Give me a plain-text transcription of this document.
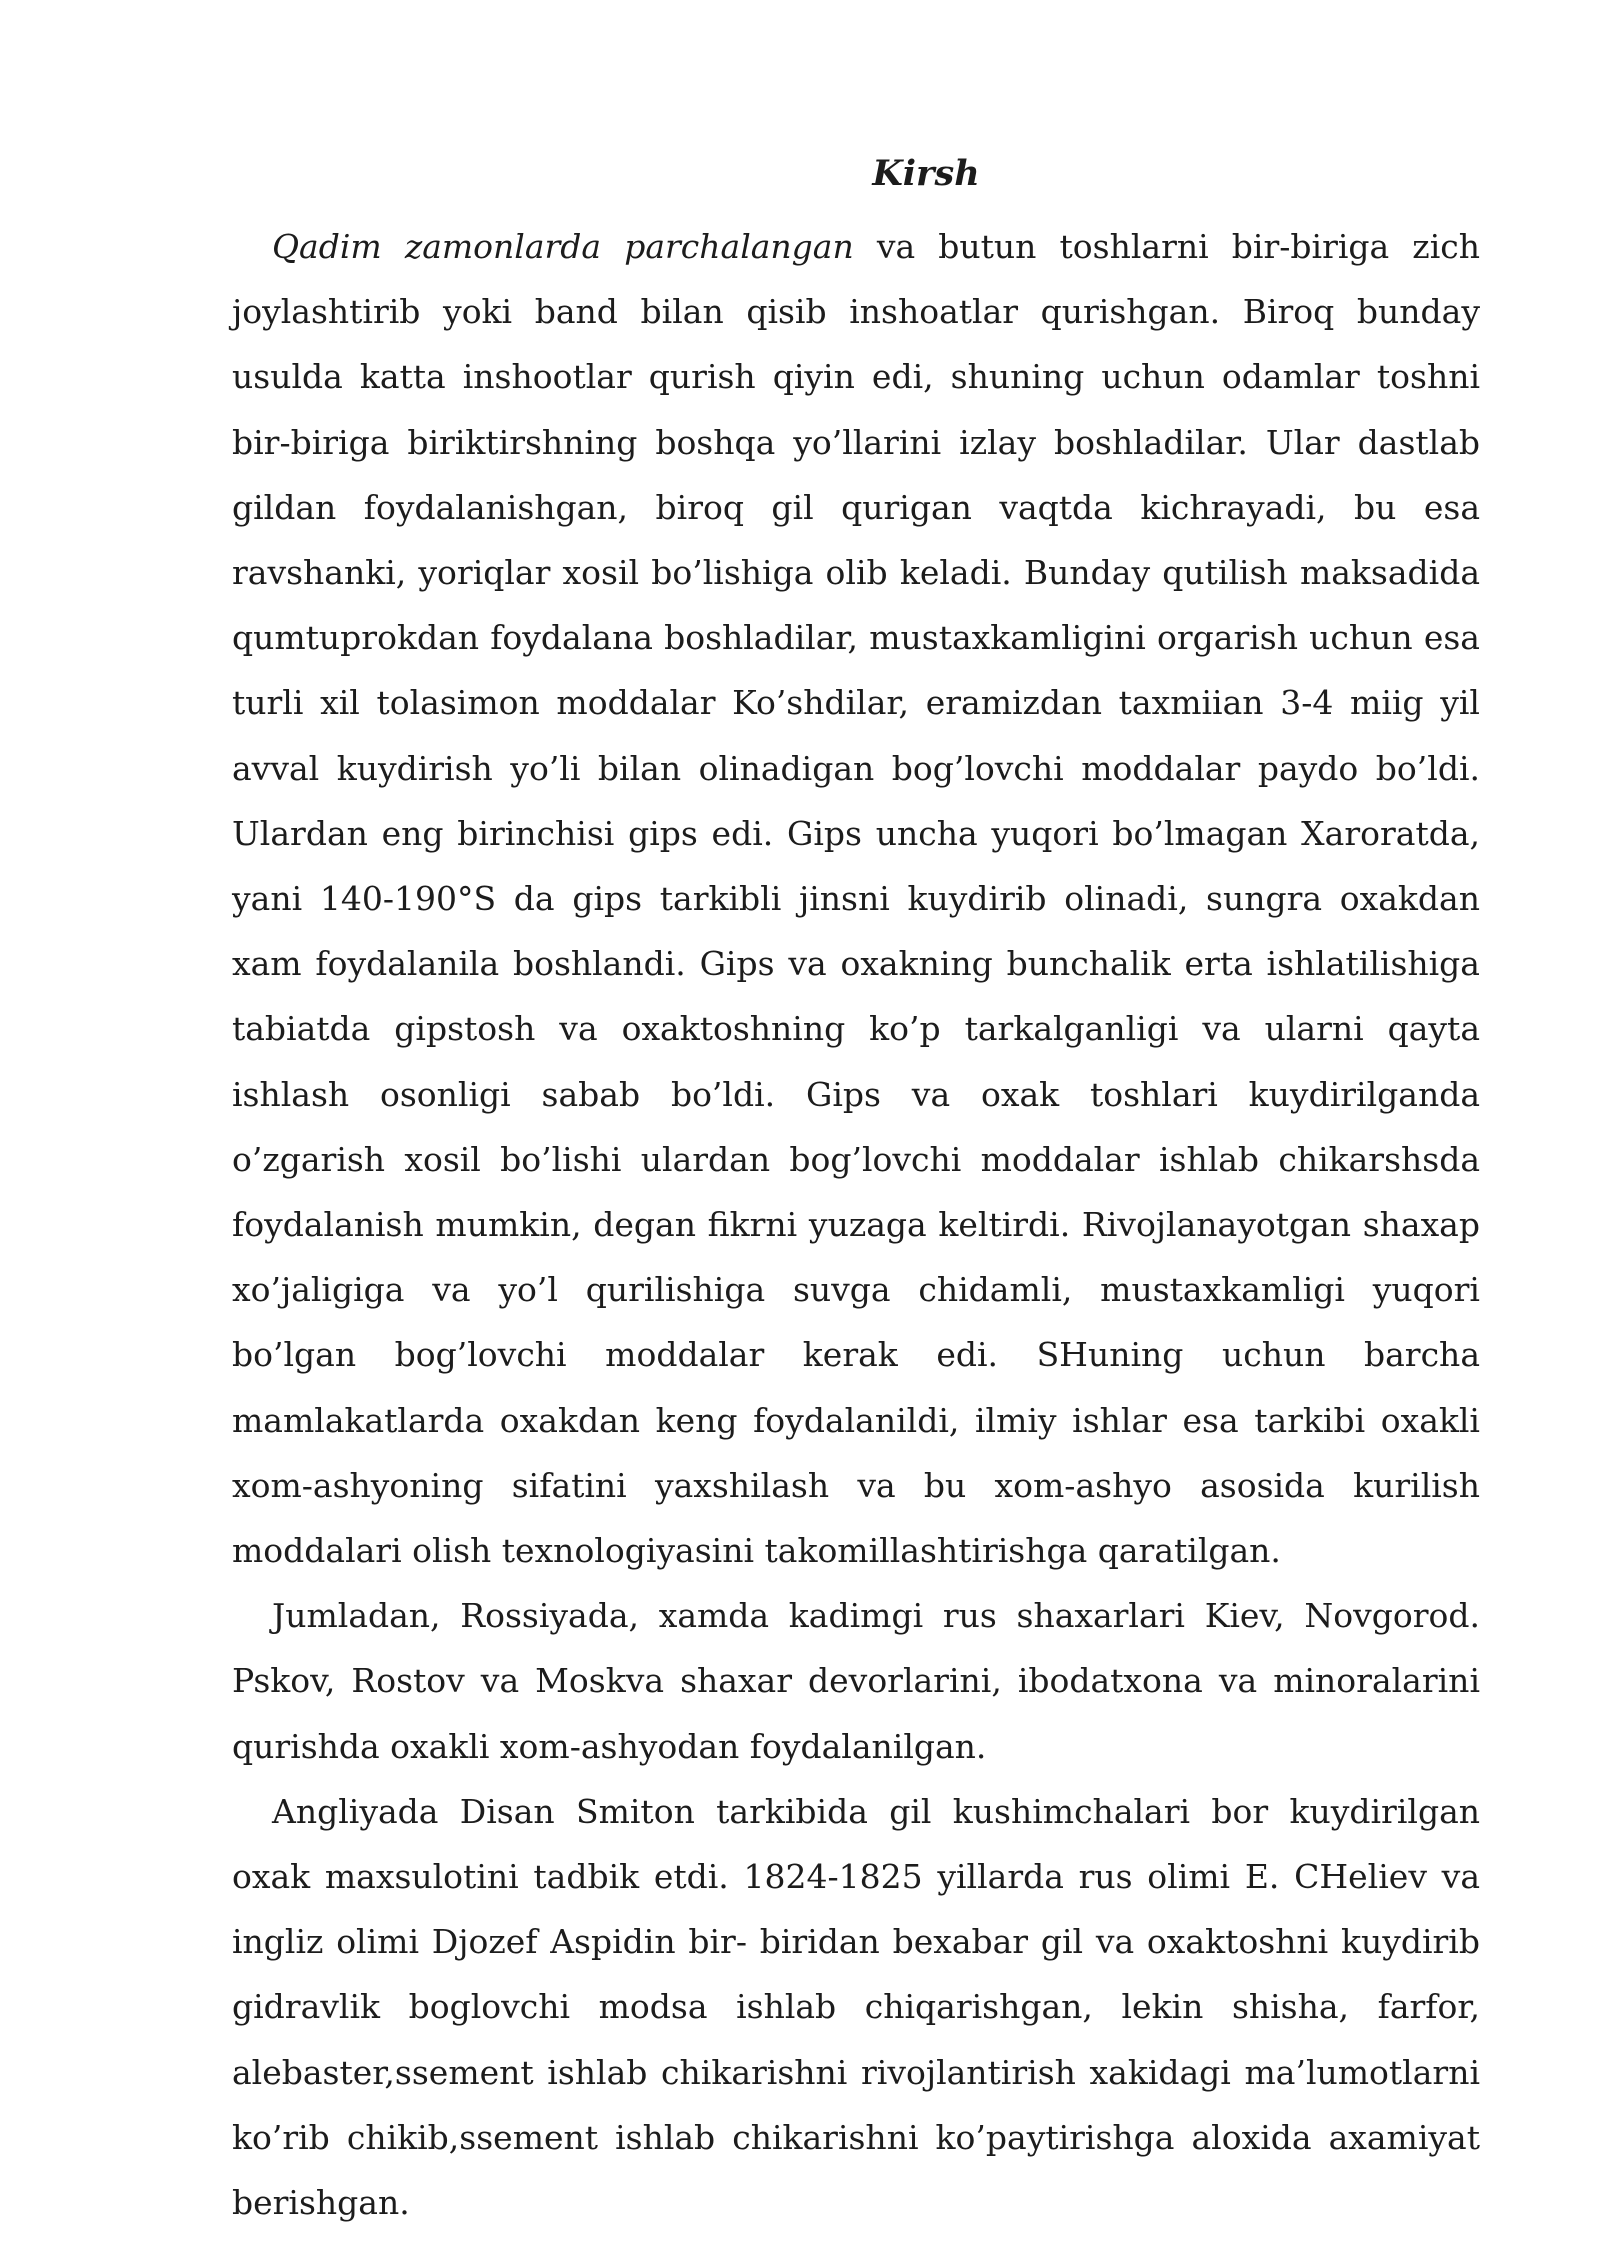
Kirsh

Qadim zamonlarda parchalangan va butun toshlarni bir-biriga zich joylashtirib yoki band bilan qisib inshoatlar qurishgan. Biroq bunday usulda katta inshootlar qurish qiyin edi, shuning uchun odamlar toshni bir-biriga biriktirshning boshqa yo’llarini izlay boshladilar. Ular dastlab gildan foydalanishgan, biroq gil qurigan vaqtda kichrayadi, bu esa ravshanki, yoriqlar xosil bo’lishiga olib keladi. Bunday qutilish maksadida qumtuprokdan foydalana boshladilar, mustaxkamligini orgarish uchun esa turli xil tolasimon moddalar Ko’shdilar, eramizdan taxmiian 3-4 miig yil avval kuydirish yo’li bilan olinadigan bog’lovchi moddalar paydo bo’ldi. Ulardan eng birinchisi gips edi. Gips uncha yuqori bo’lmagan Xaroratda, yani 140-190°S da gips tarkibli jinsni kuydirib olinadi, sungra oxakdan xam foydalanila boshlandi. Gips va oxakning bunchalik erta ishlatilishiga tabiatda gipstosh va oxaktoshning ko’p tarkalganligi va ularni qayta ishlash osonligi sabab bo’ldi. Gips va oxak toshlari kuydirilganda o’zgarish xosil bo’lishi ulardan bog’lovchi moddalar ishlab chikarshsda foydalanish mumkin, degan fikrni yuzaga keltirdi. Rivojlanayotgan shaxap xo’jaligiga va yo’l qurilishiga suvga chidamli, mustaxkamligi yuqori bo’lgan bog’lovchi moddalar kerak edi. SHuning uchun barcha mamlakatlarda oxakdan keng foydalanildi, ilmiy ishlar esa tarkibi oxakli xom-ashyoning sifatini yaxshilash va bu xom-ashyo asosida kurilish moddalari olish texnologiyasini takomillashtirishga qaratilgan.

Jumladan, Rossiyada, xamda kadimgi rus shaxarlari Kiev, Novgorod. Pskov, Rostov va Moskva shaxar devorlarini, ibodatxona va minoralarini qurishda oxakli xom-ashyodan foydalanilgan.

Angliyada Disan Smiton tarkibida gil kushimchalari bor kuydirilgan oxak maxsulotini tadbik etdi. 1824-1825 yillarda rus olimi E. CHeliev va ingliz olimi Djozef Aspidin bir- biridan bexabar gil va oxaktoshni kuydirib gidravlik boglovchi modsa ishlab chiqarishgan, lekin shisha, farfor, alebaster,ssement ishlab chikarishni rivojlantirish xakidagi ma’lumotlarni ko’rib chikib,ssement ishlab chikarishni ko’paytirishga aloxida axamiyat berishgan.
